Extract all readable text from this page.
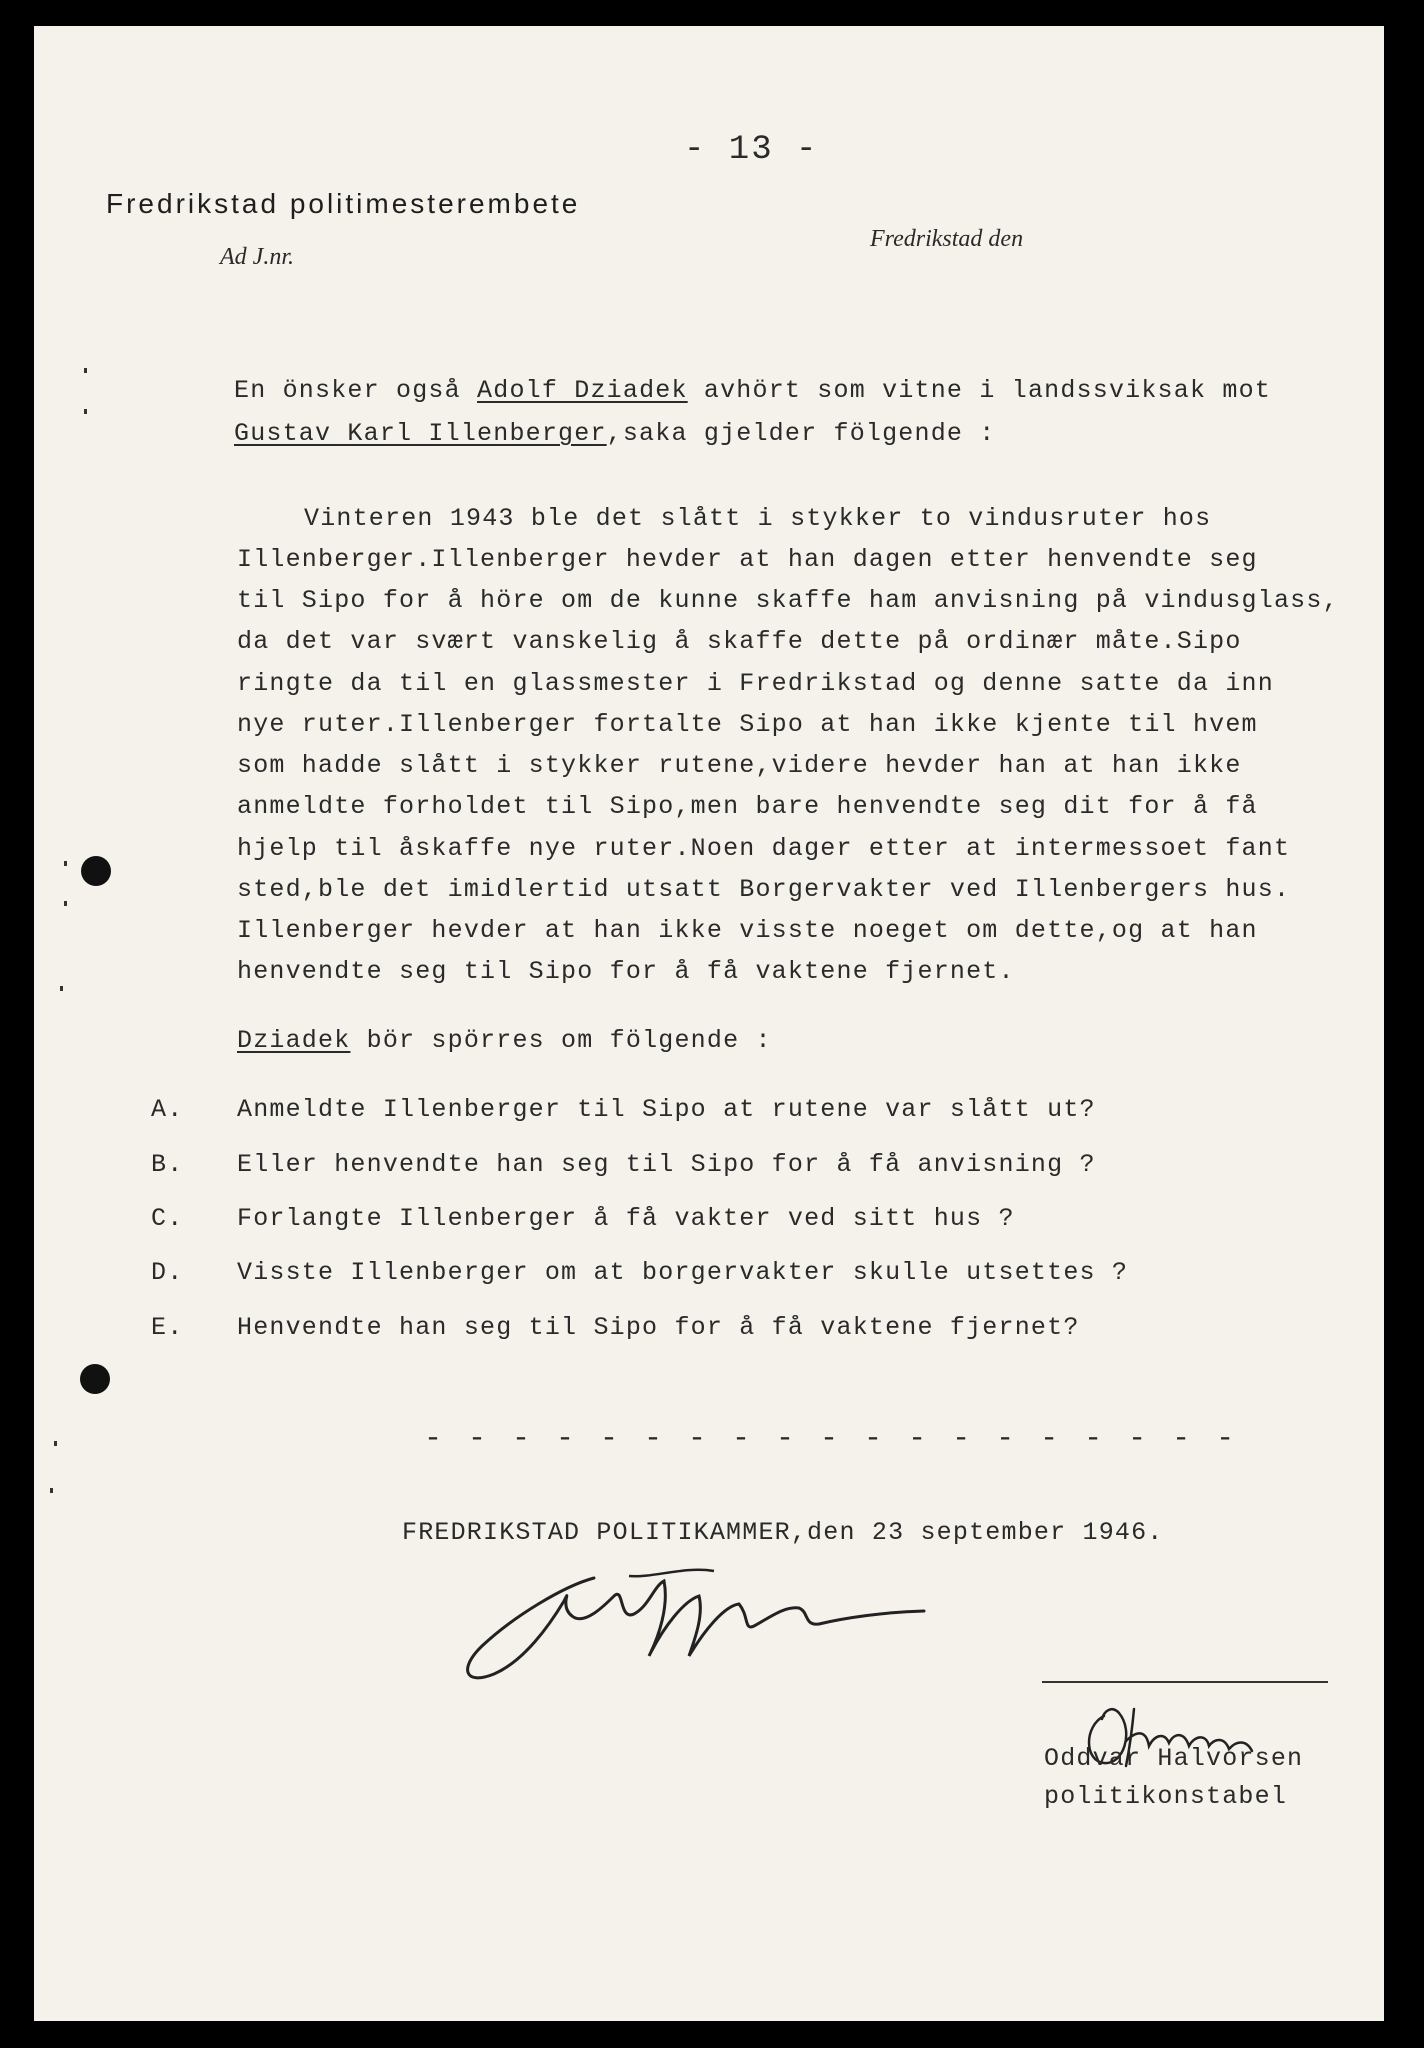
- 13 -
Fredrikstad politimesterembete
Ad J.nr.
Fredrikstad den
En önsker også Adolf Dziadek avhört som vitne i landssviksak mot
Gustav Karl Illenberger,saka gjelder fölgende :
Vinteren 1943 ble det slått i stykker to vindusruter hos
Illenberger.Illenberger hevder at han dagen etter henvendte seg
til Sipo for å höre om de kunne skaffe ham anvisning på vindusglass,
da det var svært vanskelig å skaffe dette på ordinær måte.Sipo
ringte da til en glassmester i Fredrikstad og denne satte da inn
nye ruter.Illenberger fortalte Sipo at han ikke kjente til hvem
som hadde slått i stykker rutene,videre hevder han at han ikke
anmeldte forholdet til Sipo,men bare henvendte seg dit for å få
hjelp til åskaffe nye ruter.Noen dager etter at intermessoet fant
sted,ble det imidlertid utsatt Borgervakter ved Illenbergers hus.
Illenberger hevder at han ikke visste noeget om dette,og at han
henvendte seg til Sipo for å få vaktene fjernet.
Dziadek bör spörres om fölgende :
A. Anmeldte Illenberger til Sipo at rutene var slått ut?
B. Eller henvendte han seg til Sipo for å få anvisning ?
C. Forlangte Illenberger å få vakter ved sitt hus ?
D. Visste Illenberger om at borgervakter skulle utsettes ?
E. Henvendte han seg til Sipo for å få vaktene fjernet?
- - - - - - - - - - - - - - - - - - -
FREDRIKSTAD POLITIKAMMER,den 23 september 1946.
Oddvar Halvorsen
politikonstabel
